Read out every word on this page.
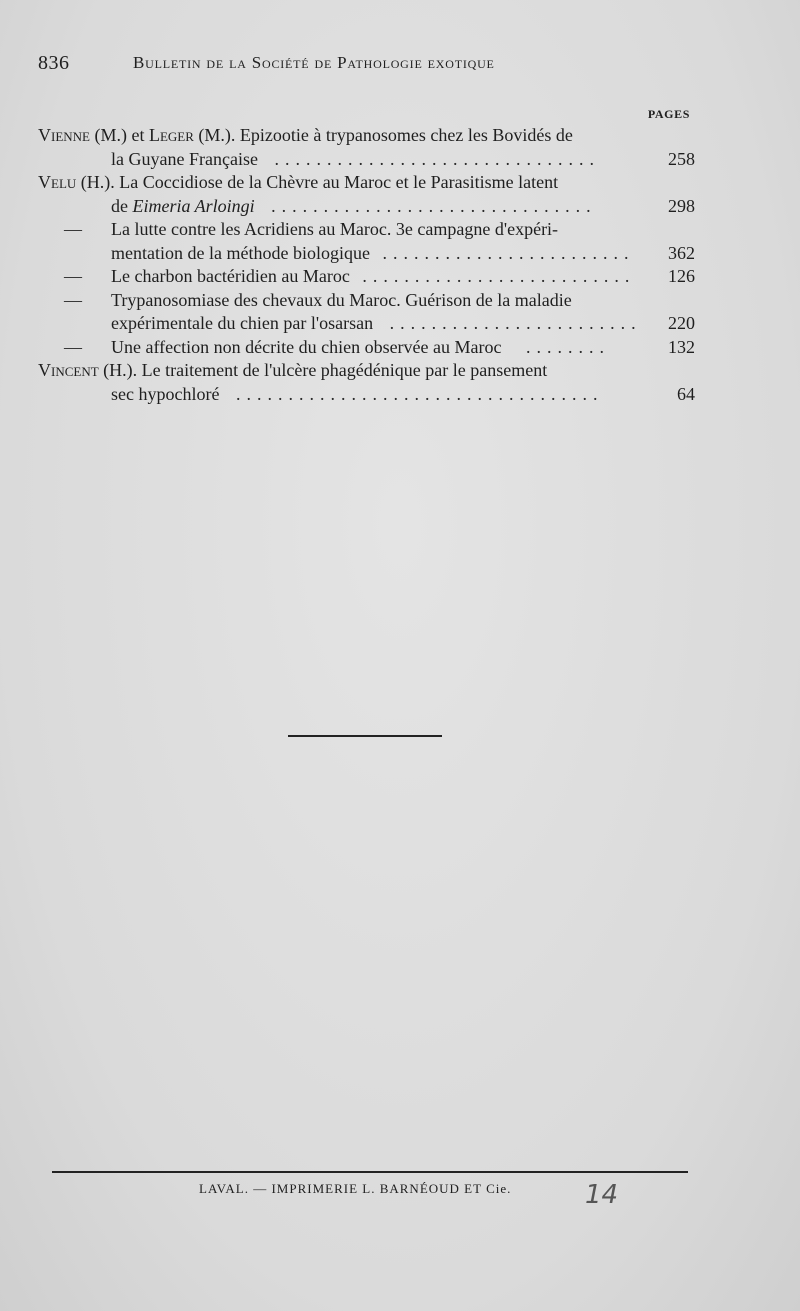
836	Bulletin de la Société de Pathologie exotique
PAGES
Vienne (M.) et Leger (M.). Epizootie à trypanosomes chez les Bovidés de
la Guyane Française ...............................	258
Velu (H.). La Coccidiose de la Chèvre au Maroc et le Parasitisme latent
de Eimeria Arloingi ...............................	298
— La lutte contre les Acridiens au Maroc. 3e campagne d'expéri-
mentation de la méthode biologique ........................ 362
— Le charbon bactéridien au Maroc .......................... 126
— Trypanosomiase des chevaux du Maroc. Guérison de la maladie
expérimentale du chien par l'osarsan ........................ 220
— Une affection non décrite du chien observée au Maroc ........	132
Vincent (H.). Le traitement de l'ulcère phagédénique par le pansement
sec hypochloré ...................................	64
LAVAL. — IMPRIMERIE L. BARNÉOUD ET Cie.	14
